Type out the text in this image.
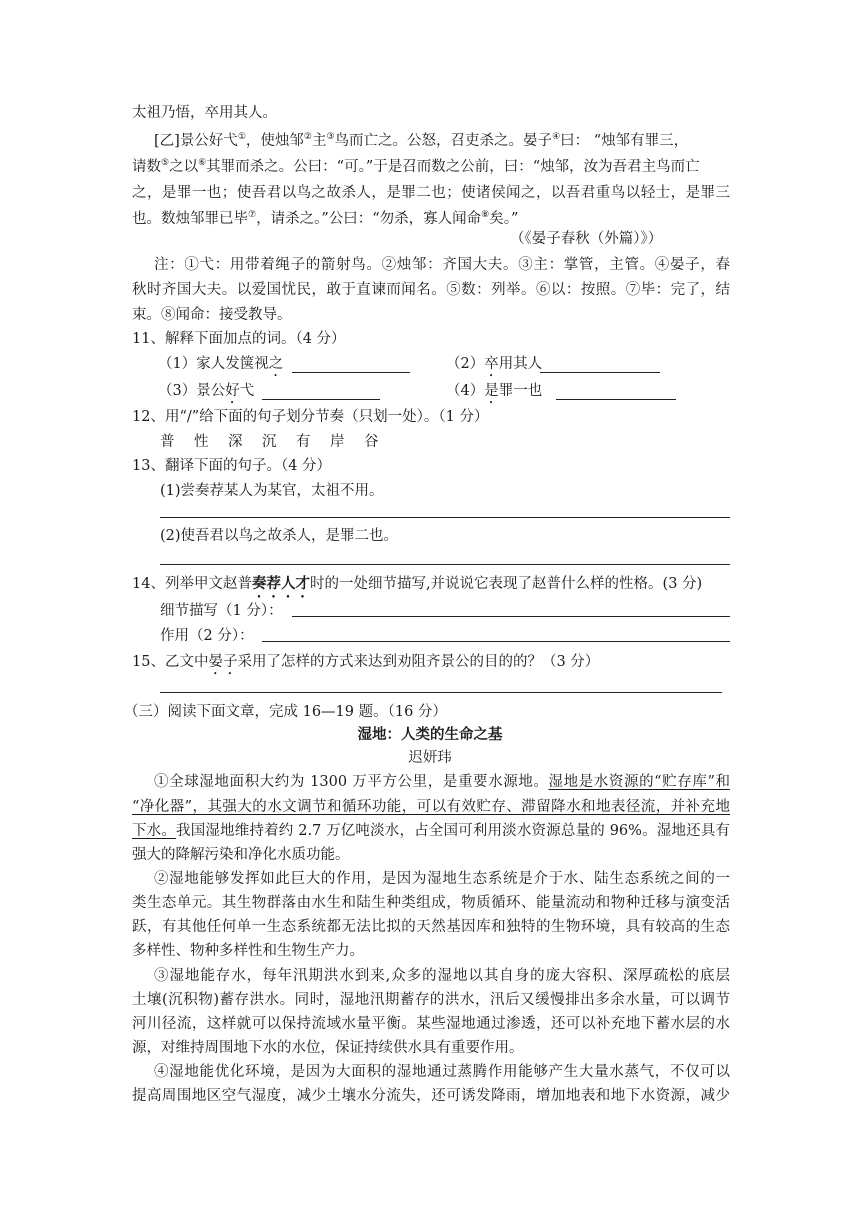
太祖乃悟，卒用其人。
[乙]景公好弋①，使烛邹②主③鸟而亡之。公怒，召吏杀之。晏子④曰： “烛邹有罪三，
请数⑤之以⑥其罪而杀之。公曰：“可。”于是召而数之公前，曰：“烛邹，汝为吾君主鸟而亡
之，是罪一也；使吾君以鸟之故杀人，是罪二也；使诸侯闻之，以吾君重鸟以轻士，是罪三
也。数烛邹罪已毕⑦，请杀之。”公曰：“勿杀，寡人闻命⑧矣。”
（《晏子春秋（外篇）》）
注：①弋：用带着绳子的箭射鸟。②烛邹：齐国大夫。③主：掌管，主管。④晏子，春
秋时齐国大夫。以爱国忧民，敢于直谏而闻名。⑤数：列举。⑥以：按照。⑦毕：完了，结
束。⑧闻命：接受教导。
11、解释下面加点的词。（4 分）
（1）家人发箧视之	（2）卒用其人
（3）景公好弋	（4）是罪一也
12、用“/”给下面的句子划分节奏（只划一处）。（1 分）
普 性 深 沉 有 岸 谷
13、翻译下面的句子。（4 分）
(1)尝奏荐某人为某官，太祖不用。
(2)使吾君以鸟之故杀人，是罪二也。
14、列举甲文赵普奏荐人才时的一处细节描写,并说说它表现了赵普什么样的性格。(3 分)
细节描写（1 分）：
作用（2 分）：
15、乙文中晏子采用了怎样的方式来达到劝阻齐景公的目的的？（3 分）
（三）阅读下面文章，完成 16—19 题。（16 分）
湿地：人类的生命之基
迟妍玮
①全球湿地面积大约为 1300 万平方公里，是重要水源地。湿地是水资源的“贮存库”和
“净化器”，其强大的水文调节和循环功能，可以有效贮存、滞留降水和地表径流，并补充地
下水。我国湿地维持着约 2.7 万亿吨淡水，占全国可利用淡水资源总量的 96%。湿地还具有
强大的降解污染和净化水质功能。
②湿地能够发挥如此巨大的作用，是因为湿地生态系统是介于水、陆生态系统之间的一
类生态单元。其生物群落由水生和陆生种类组成，物质循环、能量流动和物种迁移与演变活
跃，有其他任何单一生态系统都无法比拟的天然基因库和独特的生物环境，具有较高的生态
多样性、物种多样性和生物生产力。
③湿地能存水，每年汛期洪水到来,众多的湿地以其自身的庞大容积、深厚疏松的底层
土壤(沉积物)蓄存洪水。同时，湿地汛期蓄存的洪水，汛后又缓慢排出多余水量，可以调节
河川径流，这样就可以保持流域水量平衡。某些湿地通过渗透，还可以补充地下蓄水层的水
源，对维持周围地下水的水位，保证持续供水具有重要作用。
④湿地能优化环境，是因为大面积的湿地通过蒸腾作用能够产生大量水蒸气，不仅可以
提高周围地区空气湿度，减少土壤水分流失，还可诱发降雨，增加地表和地下水资源，减少
